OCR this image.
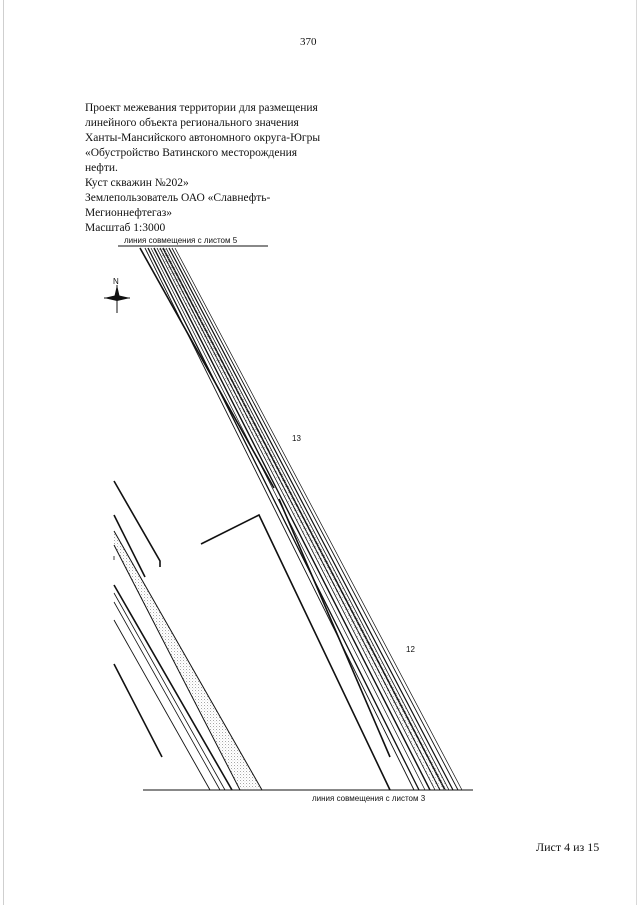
370
Проект межевания территории для размещения
линейного объекта регионального значения
Ханты-Мансийского автономного округа-Югры
«Обустройство Ватинского месторождения
нефти.
Куст скважин №202»
Землепользователь ОАО «Славнефть-
Мегионнефтегаз»
Масштаб 1:3000
линия совмещения с листом 5
линия совмещения с листом 3
N
13
12
Лист 4 из 15
